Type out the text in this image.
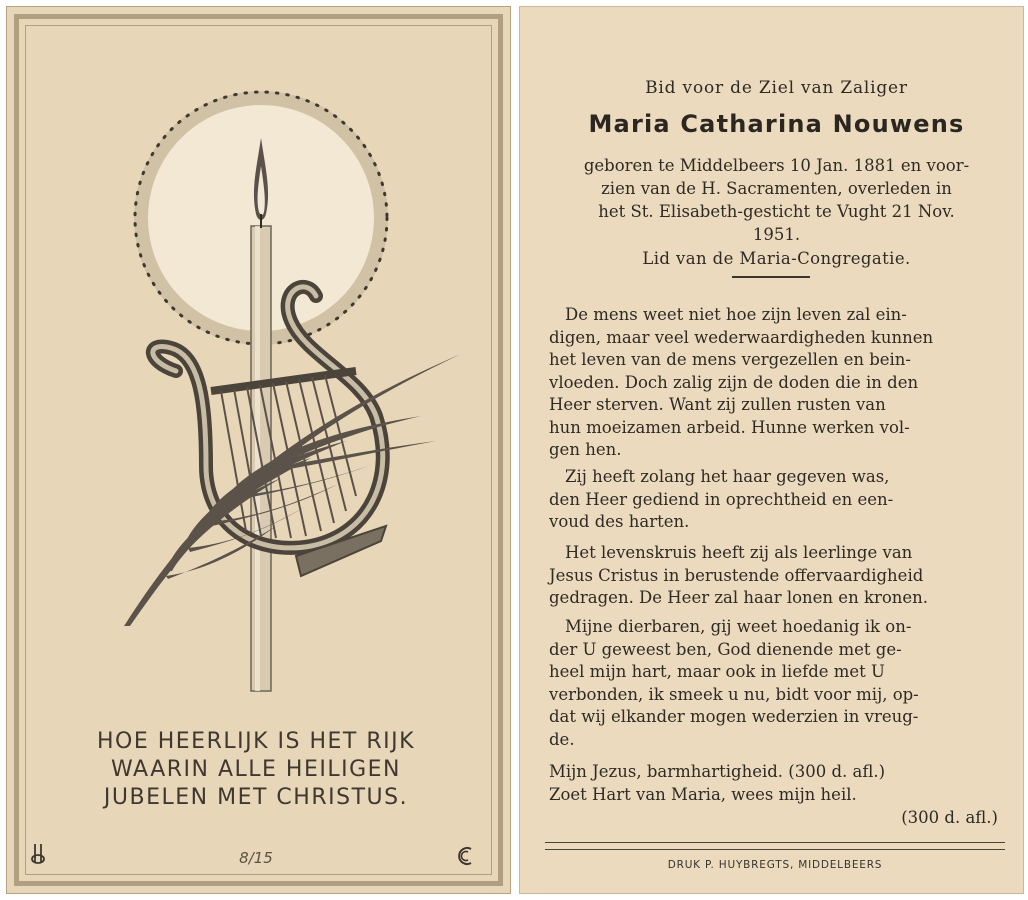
HOE HEERLIJK IS HET RIJK
WAARIN ALLE HEILIGEN
JUBELEN MET CHRISTUS.
8/15
Bid voor de Ziel van Zaliger
Maria Catharina Nouwens
geboren te Middelbeers 10 Jan. 1881 en voor-
zien van de H. Sacramenten, overleden in
het St. Elisabeth-gesticht te Vught 21 Nov.
1951.
Lid van de Maria-Congregatie.
De mens weet niet hoe zijn leven zal ein-
digen, maar veel wederwaardigheden kunnen
het leven van de mens vergezellen en bein-
vloeden. Doch zalig zijn de doden die in den
Heer sterven. Want zij zullen rusten van
hun moeizamen arbeid. Hunne werken vol-
gen hen.
Zij heeft zolang het haar gegeven was,
den Heer gediend in oprechtheid en een-
voud des harten.
Het levenskruis heeft zij als leerlinge van
Jesus Cristus in berustende offervaardigheid
gedragen. De Heer zal haar lonen en kronen.
Mijne dierbaren, gij weet hoedanig ik on-
der U geweest ben, God dienende met ge-
heel mijn hart, maar ook in liefde met U
verbonden, ik smeek u nu, bidt voor mij, op-
dat wij elkander mogen wederzien in vreug-
de.
Mijn Jezus, barmhartigheid. (300 d. afl.)
Zoet Hart van Maria, wees mijn heil.
(300 d. afl.)
DRUK P. HUYBREGTS, MIDDELBEERS
